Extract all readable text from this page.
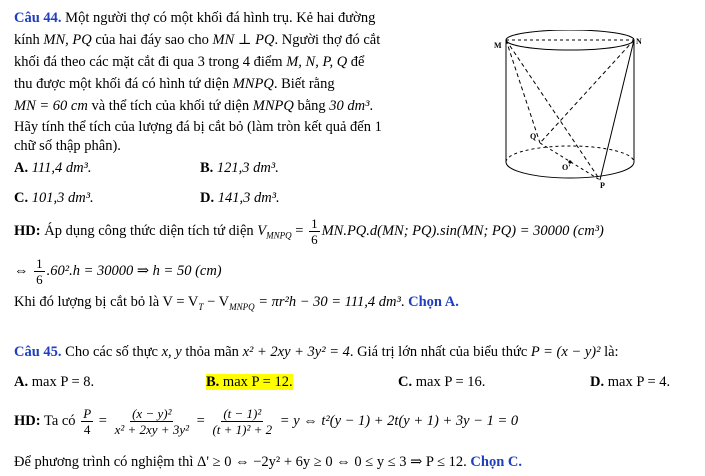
Câu 44. Một người thợ có một khối đá hình trụ. Kẻ hai đường
kính MN, PQ của hai đáy sao cho MN ⊥ PQ. Người thợ đó cắt
khối đá theo các mặt cắt đi qua 3 trong 4 điểm M, N, P, Q để
thu được một khối đá có hình tứ diện MNPQ. Biết rằng
MN = 60 cm và thể tích của khối tứ diện MNPQ bằng 30 dm³.
Hãy tính thể tích của lượng đá bị cắt bỏ (làm tròn kết quả đến 1
chữ số thập phân).
A. 111,4 dm³.	B. 121,3 dm³.
C. 101,3 dm³.	D. 141,3 dm³.
M	N
Q
O'
P
HD: Áp dụng công thức diện tích tứ diện $V_{MNPQ} = \frac{1}{6} MN.PQ.d(MN$; PQ).sin(MN; PQ) = 30000 (cm³)
⇔ $\frac{1}{6} .60^2.h = 30000$ ⇒ h = 50 (cm)
Khi đó lượng bị cắt bỏ là $V = V_T - V_{MNPQ} = \pi r^2h - 30 = 111,4$ dm³. Chọn A.
Câu 45. Cho các số thực x, y thỏa mãn x² + 2xy + 3y² = 4. Giá trị lớn nhất của biểu thức P = (x − y)² là:
A. max P = 8.	B. max P = 12.	C. max P = 16.	D. max P = 4.
HD: Ta có $\frac{P}{4} = \frac{\text{(x − y)²}}{\text{x² + 2xy + 3y²}} = \frac{\text{(t − 1)²}}{\text{(t + 1)² + 2}} = y$ ⇔ t²(y − 1) + 2t(y + 1) + 3y − 1 = 0
Để phương trình có nghiệm thì Δ' ≥ 0 ⇔ −2y² + 6y ≥ 0 ⇔ 0 ≤ y ≤ 3 ⇒ P ≤ 12. Chọn C.
